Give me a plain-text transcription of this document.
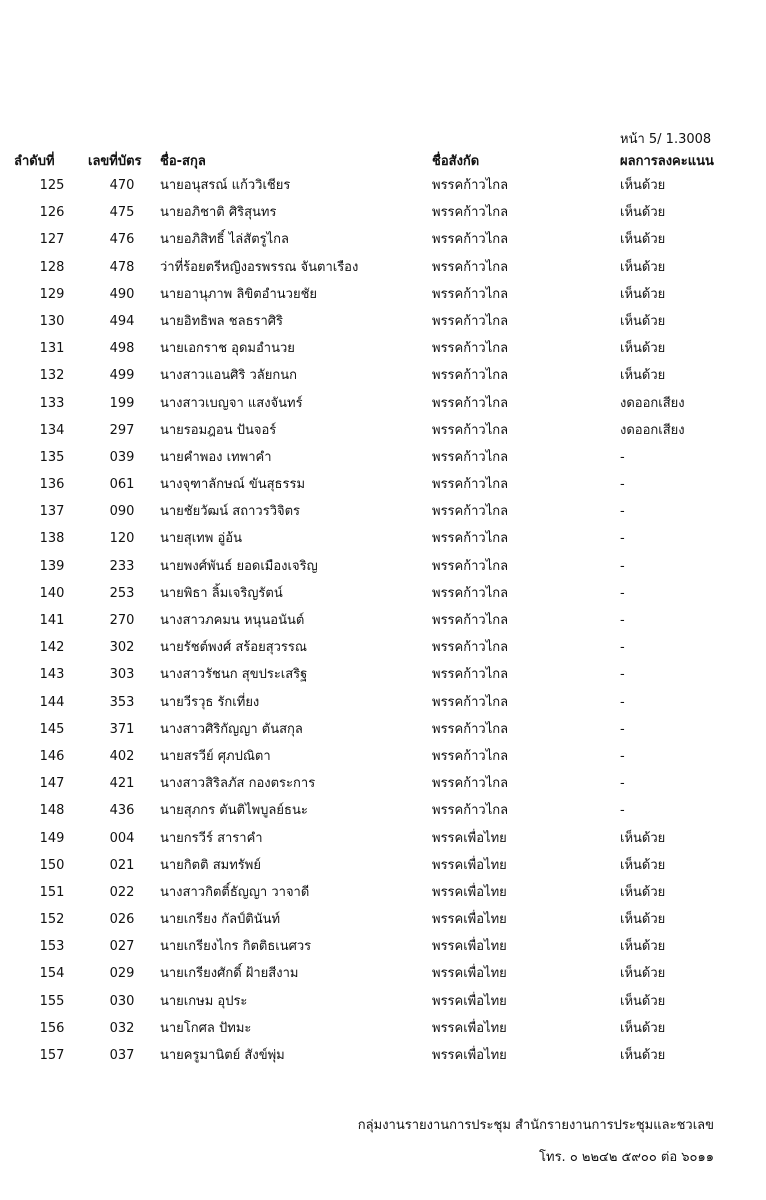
หน้า 5/ 1.3008
ลำดับที่	เลขที่บัตร	ชื่อ-สกุล	ชื่อสังกัด	ผลการลงคะแนน
125	470	นายอนุสรณ์ แก้ววิเชียร	พรรคก้าวไกล	เห็นด้วย
126	475	นายอภิชาติ ศิริสุนทร	พรรคก้าวไกล	เห็นด้วย
127	476	นายอภิสิทธิ์ ไล่สัตรูไกล	พรรคก้าวไกล	เห็นด้วย
128	478	ว่าที่ร้อยตรีหญิงอรพรรณ จันตาเรือง	พรรคก้าวไกล	เห็นด้วย
129	490	นายอานุภาพ ลิขิตอำนวยชัย	พรรคก้าวไกล	เห็นด้วย
130	494	นายอิทธิพล ชลธราศิริ	พรรคก้าวไกล	เห็นด้วย
131	498	นายเอกราช อุดมอำนวย	พรรคก้าวไกล	เห็นด้วย
132	499	นางสาวแอนศิริ วลัยกนก	พรรคก้าวไกล	เห็นด้วย
133	199	นางสาวเบญจา แสงจันทร์	พรรคก้าวไกล	งดออกเสียง
134	297	นายรอมฎอน ปันจอร์	พรรคก้าวไกล	งดออกเสียง
135	039	นายคำพอง เทพาคำ	พรรคก้าวไกล	-
136	061	นางจุฑาลักษณ์ ขันสุธรรม	พรรคก้าวไกล	-
137	090	นายชัยวัฒน์ สถาวรวิจิตร	พรรคก้าวไกล	-
138	120	นายสุเทพ อู่อ้น	พรรคก้าวไกล	-
139	233	นายพงศ์พันธ์ ยอดเมืองเจริญ	พรรคก้าวไกล	-
140	253	นายพิธา ลิ้มเจริญรัตน์	พรรคก้าวไกล	-
141	270	นางสาวภคมน หนุนอนันต์	พรรคก้าวไกล	-
142	302	นายรัชต์พงศ์ สร้อยสุวรรณ	พรรคก้าวไกล	-
143	303	นางสาวรัชนก สุขประเสริฐ	พรรคก้าวไกล	-
144	353	นายวีรวุธ รักเที่ยง	พรรคก้าวไกล	-
145	371	นางสาวศิริกัญญา ตันสกุล	พรรคก้าวไกล	-
146	402	นายสรวีย์ ศุภปณิตา	พรรคก้าวไกล	-
147	421	นางสาวสิริลภัส กองตระการ	พรรคก้าวไกล	-
148	436	นายสุภกร ตันติไพบูลย์ธนะ	พรรคก้าวไกล	-
149	004	นายกรวีร์ สาราคำ	พรรคเพื่อไทย	เห็นด้วย
150	021	นายกิตติ สมทรัพย์	พรรคเพื่อไทย	เห็นด้วย
151	022	นางสาวกิตติ์ธัญญา วาจาดี	พรรคเพื่อไทย	เห็นด้วย
152	026	นายเกรียง กัลป์ตินันท์	พรรคเพื่อไทย	เห็นด้วย
153	027	นายเกรียงไกร กิตติธเนศวร	พรรคเพื่อไทย	เห็นด้วย
154	029	นายเกรียงศักดิ์ ฝ้ายสีงาม	พรรคเพื่อไทย	เห็นด้วย
155	030	นายเกษม อุประ	พรรคเพื่อไทย	เห็นด้วย
156	032	นายโกศล ปัทมะ	พรรคเพื่อไทย	เห็นด้วย
157	037	นายครูมานิตย์ สังข์พุ่ม	พรรคเพื่อไทย	เห็นด้วย
กลุ่มงานรายงานการประชุม สำนักรายงานการประชุมและชวเลข
โทร. ๐ ๒๒๔๒ ๕๙๐๐ ต่อ ๖๐๑๑
